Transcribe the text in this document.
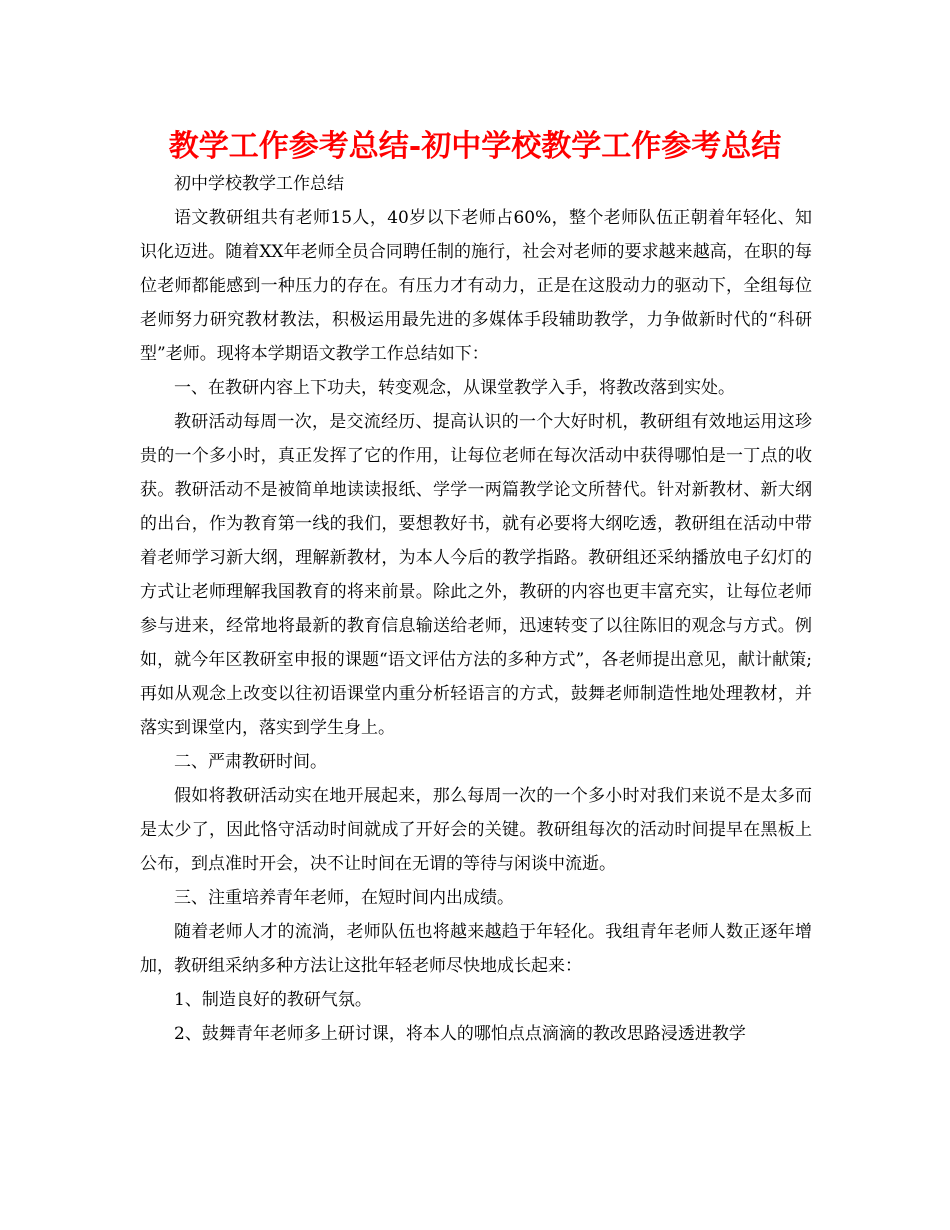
教学工作参考总结-初中学校教学工作参考总结

初中学校教学工作总结

语文教研组共有老师15人，40岁以下老师占60%，整个老师队伍正朝着年轻化、知识化迈进。随着XX年老师全员合同聘任制的施行，社会对老师的要求越来越高，在职的每位老师都能感到一种压力的存在。有压力才有动力，正是在这股动力的驱动下，全组每位老师努力研究教材教法，积极运用最先进的多媒体手段辅助教学，力争做新时代的“科研型”老师。现将本学期语文教学工作总结如下：

一、在教研内容上下功夫，转变观念，从课堂教学入手，将教改落到实处。

教研活动每周一次，是交流经历、提高认识的一个大好时机，教研组有效地运用这珍贵的一个多小时，真正发挥了它的作用，让每位老师在每次活动中获得哪怕是一丁点的收获。教研活动不是被简单地读读报纸、学学一两篇教学论文所替代。针对新教材、新大纲的出台，作为教育第一线的我们，要想教好书，就有必要将大纲吃透，教研组在活动中带着老师学习新大纲，理解新教材，为本人今后的教学指路。教研组还采纳播放电子幻灯的方式让老师理解我国教育的将来前景。除此之外，教研的内容也更丰富充实，让每位老师参与进来，经常地将最新的教育信息输送给老师，迅速转变了以往陈旧的观念与方式。例如，就今年区教研室申报的课题“语文评估方法的多种方式”，各老师提出意见，献计献策;再如从观念上改变以往初语课堂内重分析轻语言的方式，鼓舞老师制造性地处理教材，并落实到课堂内，落实到学生身上。

二、严肃教研时间。

假如将教研活动实在地开展起来，那么每周一次的一个多小时对我们来说不是太多而是太少了，因此恪守活动时间就成了开好会的关键。教研组每次的活动时间提早在黑板上公布，到点准时开会，决不让时间在无谓的等待与闲谈中流逝。

三、注重培养青年老师，在短时间内出成绩。

随着老师人才的流淌，老师队伍也将越来越趋于年轻化。我组青年老师人数正逐年增加，教研组采纳多种方法让这批年轻老师尽快地成长起来：

1、制造良好的教研气氛。

2、鼓舞青年老师多上研讨课，将本人的哪怕点点滴滴的教改思路浸透进教学
